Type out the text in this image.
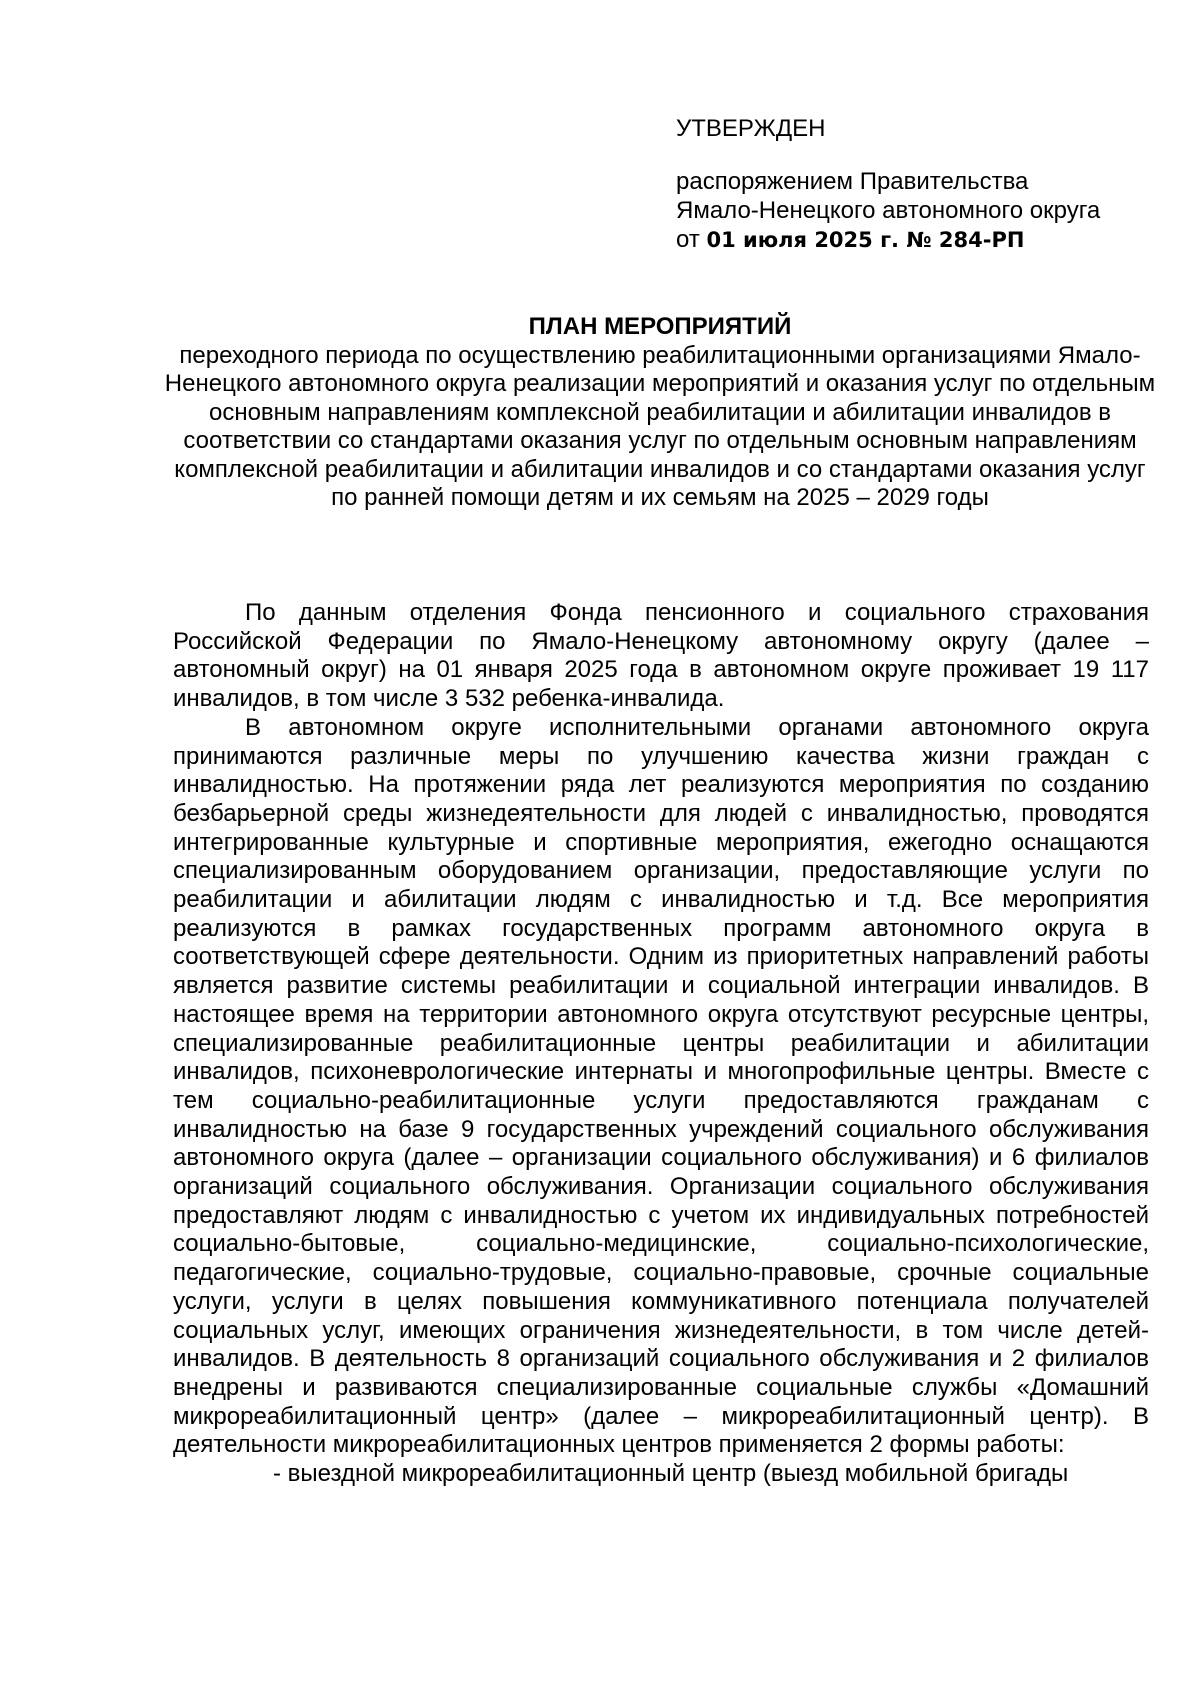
УТВЕРЖДЕН
распоряжением Правительства
Ямало-Ненецкого автономного округа
от 01 июля 2025 г. № 284-РП
ПЛАН МЕРОПРИЯТИЙ
переходного периода по осуществлению реабилитационными организациями Ямало-Ненецкого автономного округа реализации мероприятий и оказания услуг по отдельным основным направлениям комплексной реабилитации и абилитации инвалидов в соответствии со стандартами оказания услуг по отдельным основным направлениям комплексной реабилитации и абилитации инвалидов и со стандартами оказания услуг по ранней помощи детям и их семьям на 2025 – 2029 годы

По данным отделения Фонда пенсионного и социального страхования Российской Федерации по Ямало-Ненецкому автономному округу (далее – автономный округ) на 01 января 2025 года в автономном округе проживает 19 117 инвалидов, в том числе 3 532 ребенка-инвалида.

В автономном округе исполнительными органами автономного округа принимаются различные меры по улучшению качества жизни граждан с инвалидностью. На протяжении ряда лет реализуются мероприятия по созданию безбарьерной среды жизнедеятельности для людей с инвалидностью, проводятся интегрированные культурные и спортивные мероприятия, ежегодно оснащаются специализированным оборудованием организации, предоставляющие услуги по реабилитации и абилитации людям с инвалидностью и т.д. Все мероприятия реализуются в рамках государственных программ автономного округа в соответствующей сфере деятельности. Одним из приоритетных направлений работы является развитие системы реабилитации и социальной интеграции инвалидов. В настоящее время на территории автономного округа отсутствуют ресурсные центры, специализированные реабилитационные центры реабилитации и абилитации инвалидов, психоневрологические интернаты и многопрофильные центры. Вместе с тем социально-реабилитационные услуги предоставляются гражданам с инвалидностью на базе 9 государственных учреждений социального обслуживания автономного округа (далее – организации социального обслуживания) и 6 филиалов организаций социального обслуживания. Организации социального обслуживания предоставляют людям с инвалидностью с учетом их индивидуальных потребностей социально-бытовые, социально-медицинские, социально-психологические, педагогические, социально-трудовые, социально-правовые, срочные социальные услуги, услуги в целях повышения коммуникативного потенциала получателей социальных услуг, имеющих ограничения жизнедеятельности, в том числе детей-инвалидов. В деятельность 8 организаций социального обслуживания и 2 филиалов внедрены и развиваются специализированные социальные службы «Домашний микрореабилитационный центр» (далее – микрореабилитационный центр). В деятельности микрореабилитационных центров применяется 2 формы работы:

- выездной микрореабилитационный центр (выезд мобильной бригады
